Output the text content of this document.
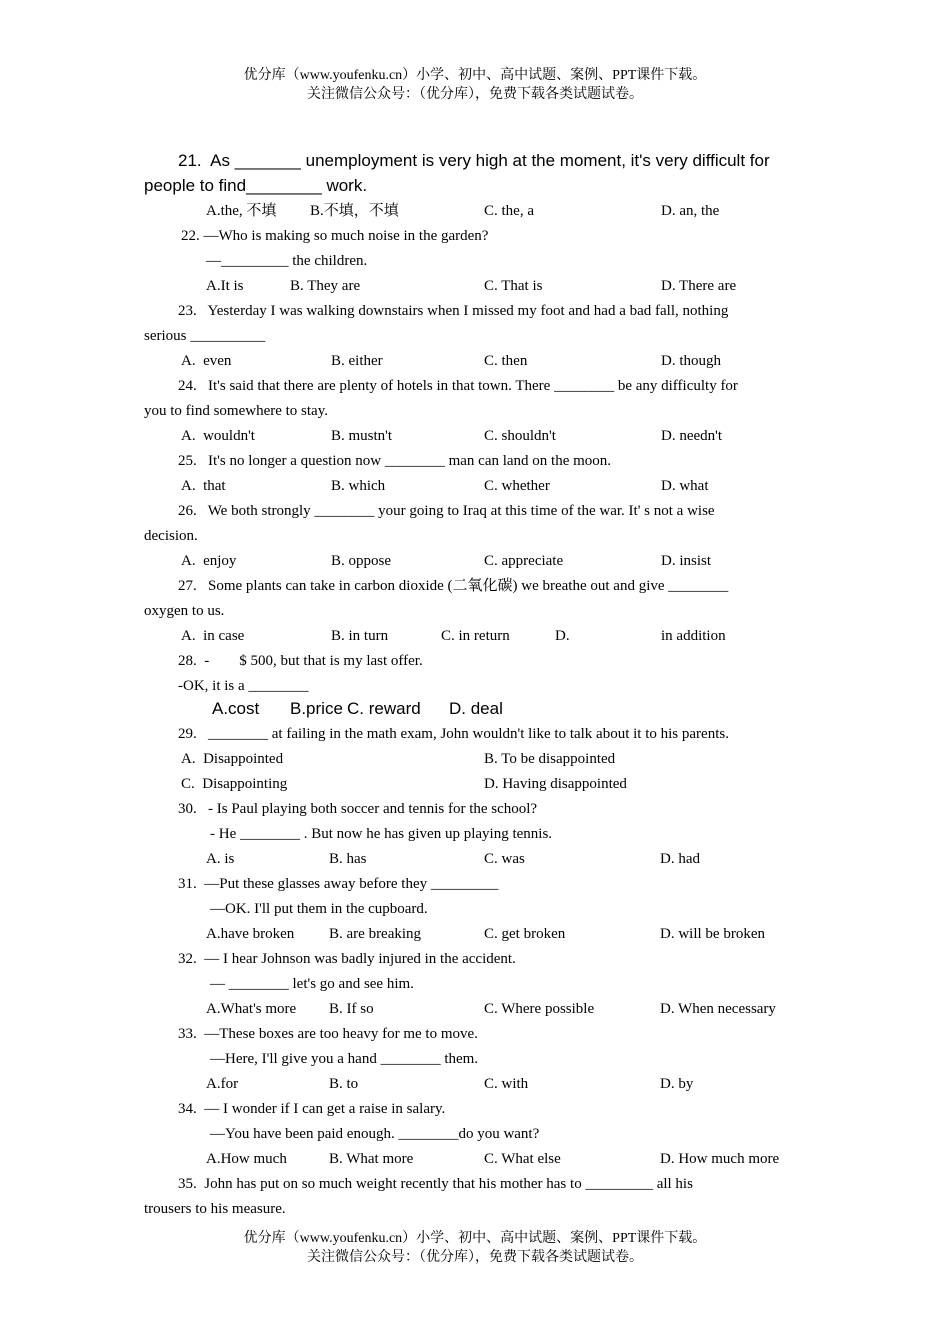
优分库（www.youfenku.cn）小学、初中、高中试题、案例、PPT课件下载。
关注微信公众号：（优分库），免费下载各类试题试卷。
21.  As _______ unemployment is very high at the moment, it's very difficult for
people to find________ work.
A.the, 不填 B.不填，不填	C. the, a	D. an, the
22. —Who is making so much noise in the garden?
—_________ the children.
A.It is	B. They are	C. That is	D. There are
23.   Yesterday I was walking downstairs when I missed my foot and had a bad fall, nothing
serious __________
A.  even	B. either	C. then	D. though
24.   It's said that there are plenty of hotels in that town. There ________ be any difficulty for
you to find somewhere to stay.
A.  wouldn't	B. mustn't	C. shouldn't	D. needn't
25.   It's no longer a question now ________ man can land on the moon.
A.  that	B. which	C. whether	D. what
26.   We both strongly ________ your going to Iraq at this time of the war. It' s not a wise
decision.
A.  enjoy	B. oppose	C. appreciate	D. insist
27.   Some plants can take in carbon dioxide (二氧化碳) we breathe out and give ________
oxygen to us.
A.  in case	B. in turn	C. in return	D.	in addition
28.  -        $ 500, but that is my last offer.
-OK, it is a ________
A.cost B.price C. reward D. deal
29.   ________ at failing in the math exam, John wouldn't like to talk about it to his parents.
A.  Disappointed	B. To be disappointed
C.  Disappointing	D. Having disappointed
30.   - Is Paul playing both soccer and tennis for the school?
- He ________ . But now he has given up playing tennis.
A. is	B. has	C. was	D. had
31.  —Put these glasses away before they _________
—OK. I'll put them in the cupboard.
A.have broken B. are breaking	C. get broken	D. will be broken
32.  — I hear Johnson was badly injured in the accident.
— ________ let's go and see him.
A.What's more B. If so	C. Where possible	D. When necessary
33.  —These boxes are too heavy for me to move.
—Here, I'll give you a hand ________ them.
A.for	B. to	C. with	D. by
34.  — I wonder if I can get a raise in salary.
—You have been paid enough. ________do you want?
A.How much	B. What more	C. What else	D. How much more
35.  John has put on so much weight recently that his mother has to _________ all his
trousers to his measure.
优分库（www.youfenku.cn）小学、初中、高中试题、案例、PPT课件下载。
关注微信公众号：（优分库），免费下载各类试题试卷。
